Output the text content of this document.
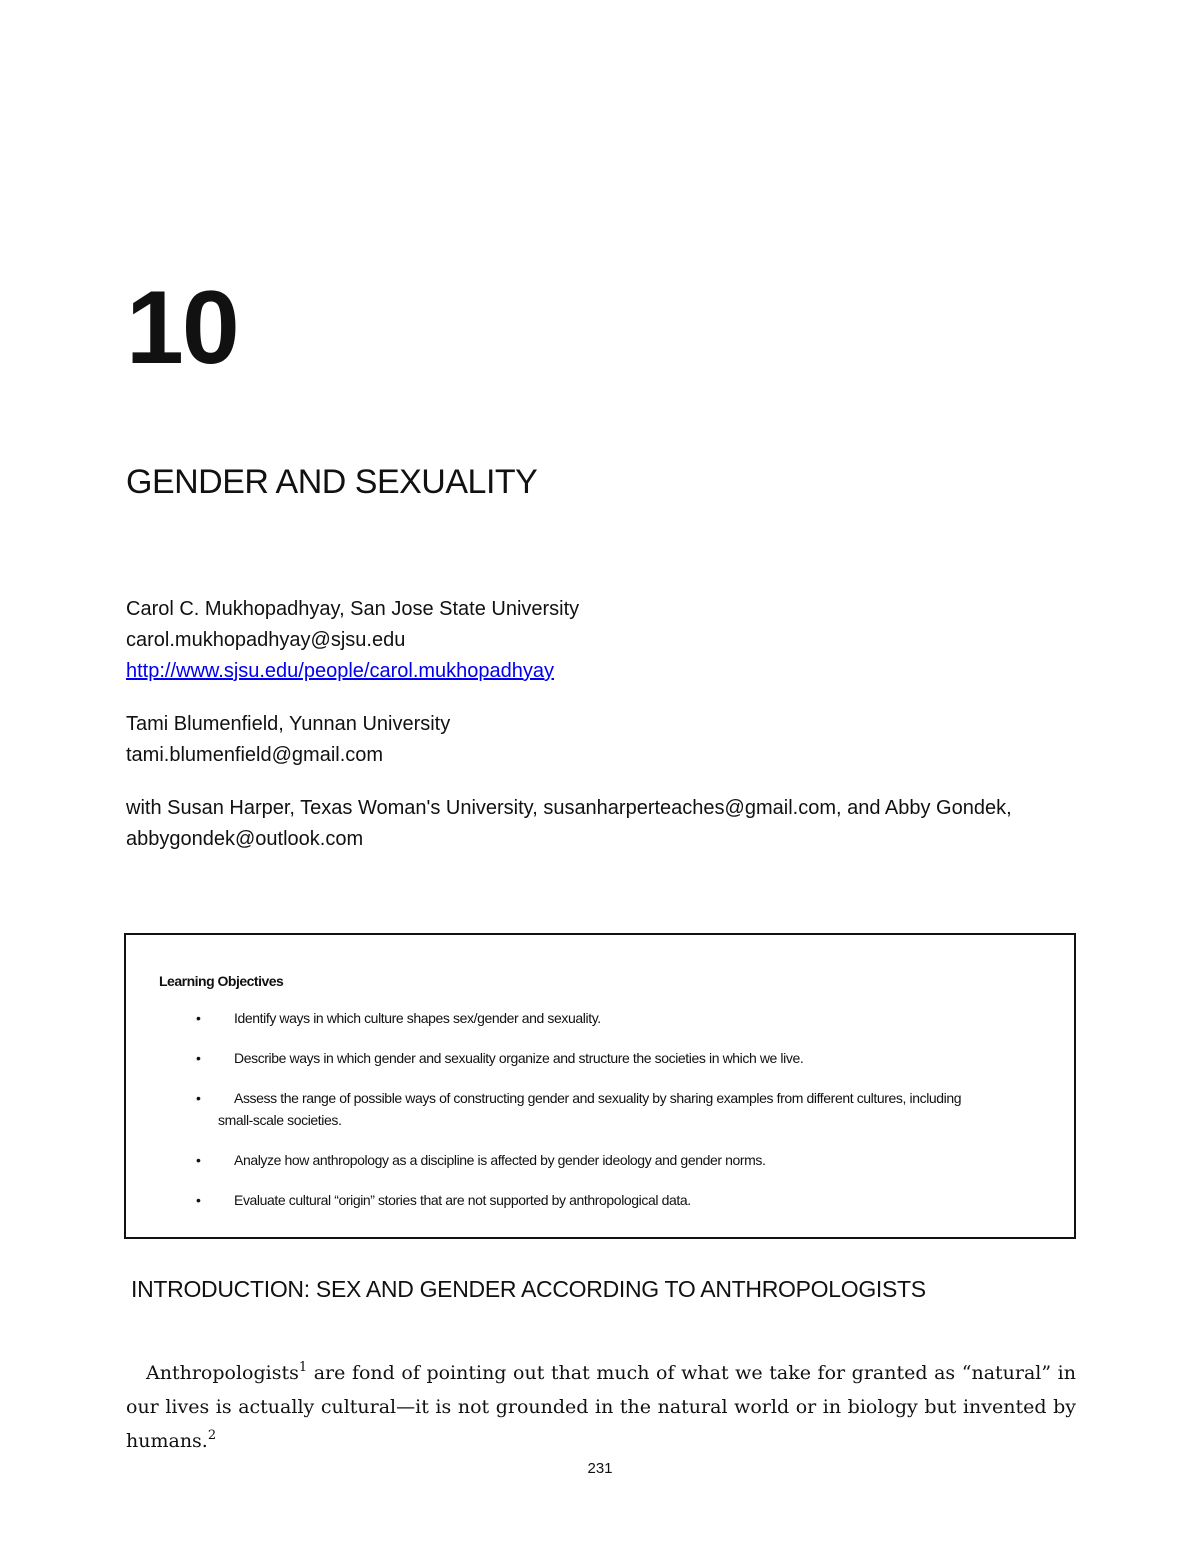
10
GENDER AND SEXUALITY

Carol C. Mukhopadhyay, San Jose State University

carol.mukhopadhyay@sjsu.edu

http://www.sjsu.edu/people/carol.mukhopadhyay

Tami Blumenfield, Yunnan University

tami.blumenfield@gmail.com

with Susan Harper, Texas Woman's University, susanharperteaches@gmail.com, and Abby Gondek,

abbygondek@outlook.com

Learning Objectives
• Identify ways in which culture shapes sex/gender and sexuality.
• Describe ways in which gender and sexuality organize and structure the societies in which we live.
• Assess the range of possible ways of constructing gender and sexuality by sharing examples from different cultures, including
small-scale societies.
• Analyze how anthropology as a discipline is affected by gender ideology and gender norms.
• Evaluate cultural “origin” stories that are not supported by anthropological data.
INTRODUCTION: SEX AND GENDER ACCORDING TO ANTHROPOLOGISTS

Anthropologists$^1$ are fond of pointing out that much of what we take for granted as “natural” in our lives is actually cultural—it is not grounded in the natural world or in biology but invented by humans.$^2$

231
